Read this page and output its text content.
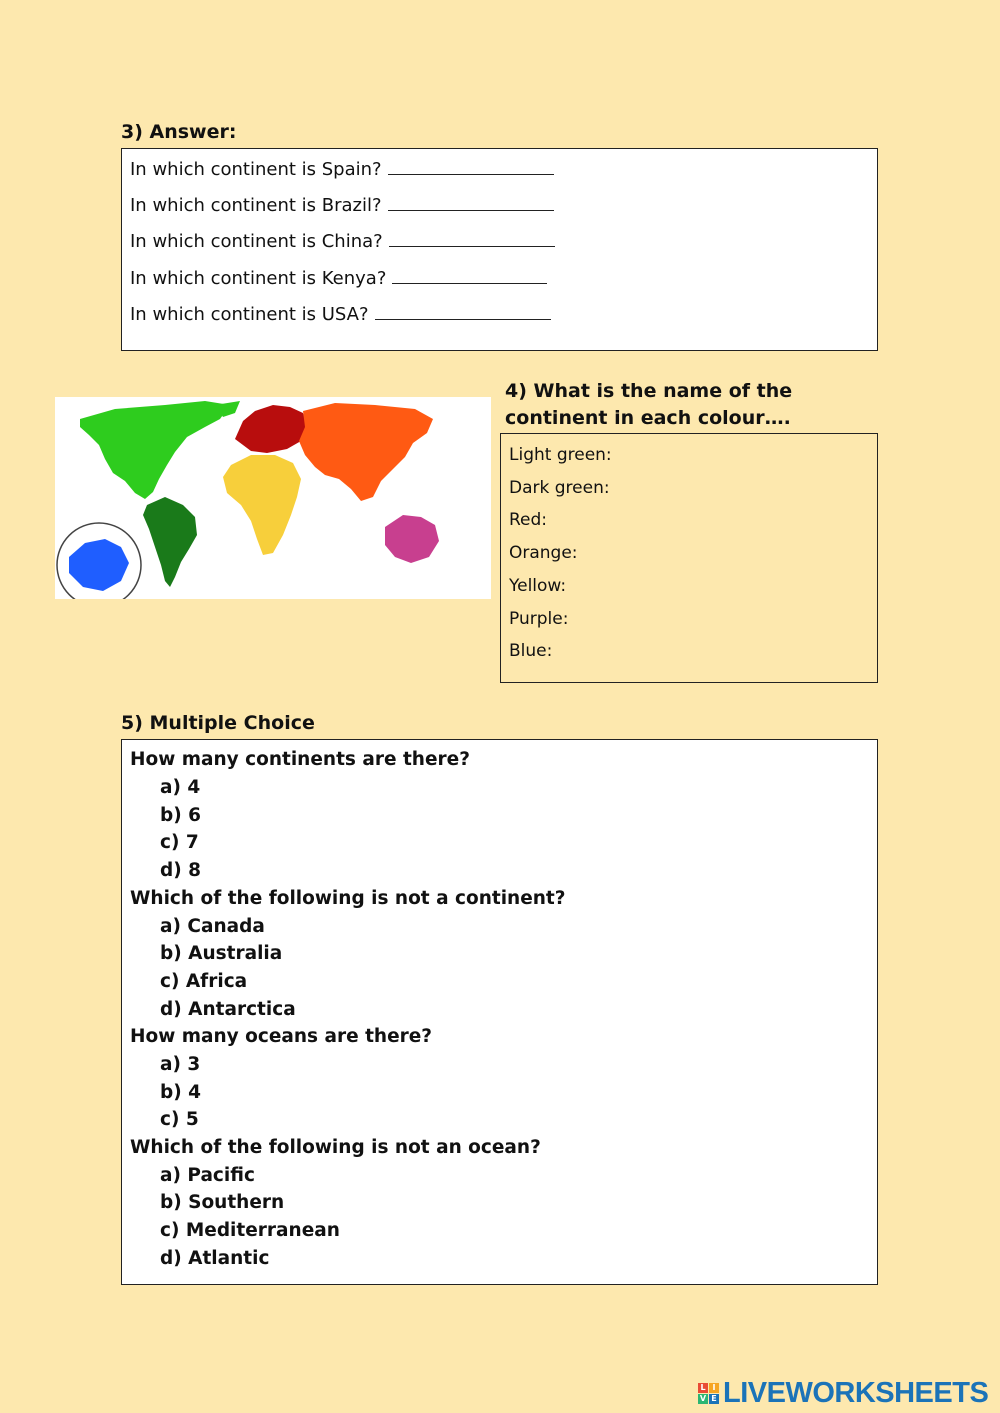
3) Answer:
In which continent is Spain?
In which continent is Brazil?
In which continent is China?
In which continent is Kenya?
In which continent is USA?
4) What is the name of the
continent in each colour….
Light green:
Dark green:
Red:
Orange:
Yellow:
Purple:
Blue:
5) Multiple Choice
How many continents are there?
a) 4
b) 6
c) 7
d) 8
Which of the following is not a continent?
a) Canada
b) Australia
c) Africa
d) Antarctica
How many oceans are there?
a) 3
b) 4
c) 5
Which of the following is not an ocean?
a) Pacific
b) Southern
c) Mediterranean
d) Atlantic
L I
V E LIVEWORKSHEETS
